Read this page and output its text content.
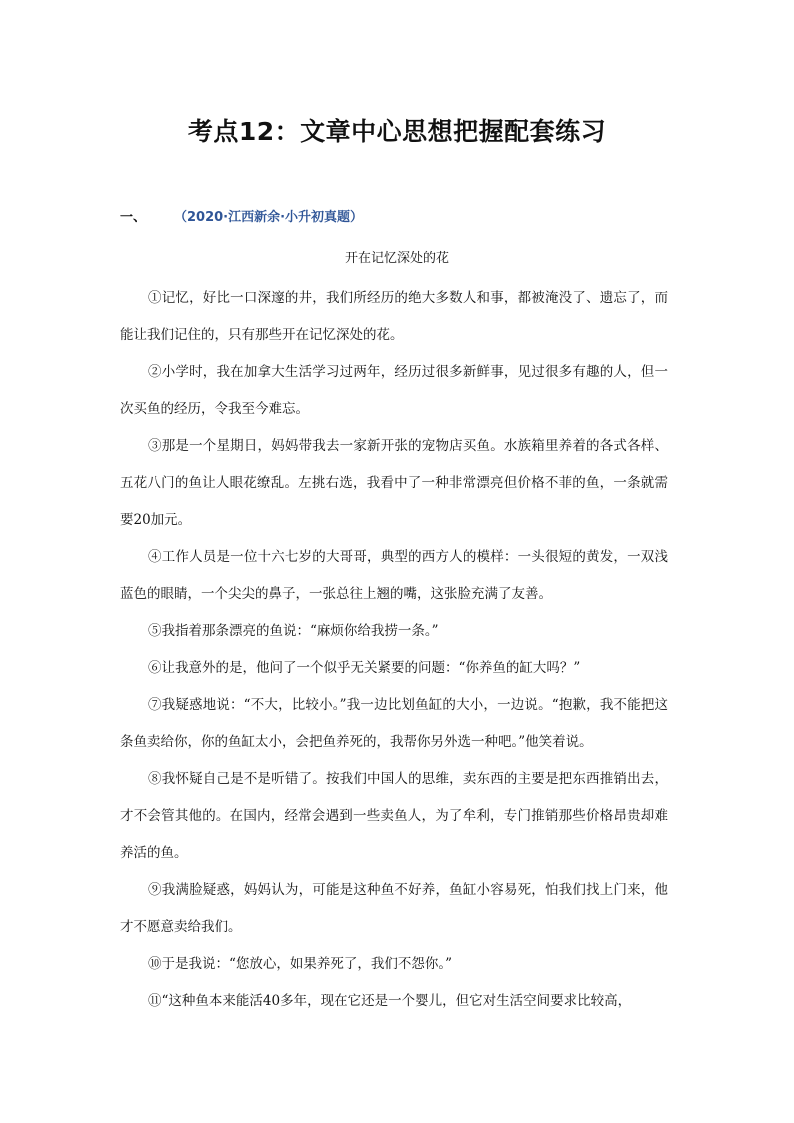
考点12：文章中心思想把握配套练习
一、	（2020·江西新余·小升初真题）
开在记忆深处的花

①记忆，好比一口深邃的井，我们所经历的绝大多数人和事，都被淹没了、遗忘了，而能让我们记住的，只有那些开在记忆深处的花。

②小学时，我在加拿大生活学习过两年，经历过很多新鲜事，见过很多有趣的人，但一次买鱼的经历，令我至今难忘。

③那是一个星期日，妈妈带我去一家新开张的宠物店买鱼。水族箱里养着的各式各样、五花八门的鱼让人眼花缭乱。左挑右选，我看中了一种非常漂亮但价格不菲的鱼，一条就需要20加元。

④工作人员是一位十六七岁的大哥哥，典型的西方人的模样：一头很短的黄发，一双浅蓝色的眼睛，一个尖尖的鼻子，一张总往上翘的嘴，这张脸充满了友善。

⑤我指着那条漂亮的鱼说：“麻烦你给我捞一条。”

⑥让我意外的是，他问了一个似乎无关紧要的问题：“你养鱼的缸大吗？”

⑦我疑惑地说：“不大，比较小。”我一边比划鱼缸的大小，一边说。“抱歉，我不能把这条鱼卖给你，你的鱼缸太小，会把鱼养死的，我帮你另外选一种吧。”他笑着说。

⑧我怀疑自己是不是听错了。按我们中国人的思维，卖东西的主要是把东西推销出去，才不会管其他的。在国内，经常会遇到一些卖鱼人，为了牟利，专门推销那些价格昂贵却难养活的鱼。

⑨我满脸疑惑，妈妈认为，可能是这种鱼不好养，鱼缸小容易死，怕我们找上门来，他才不愿意卖给我们。

⑩于是我说：“您放心，如果养死了，我们不怨你。”

⑪“这种鱼本来能活40多年，现在它还是一个婴儿，但它对生活空间要求比较高，
